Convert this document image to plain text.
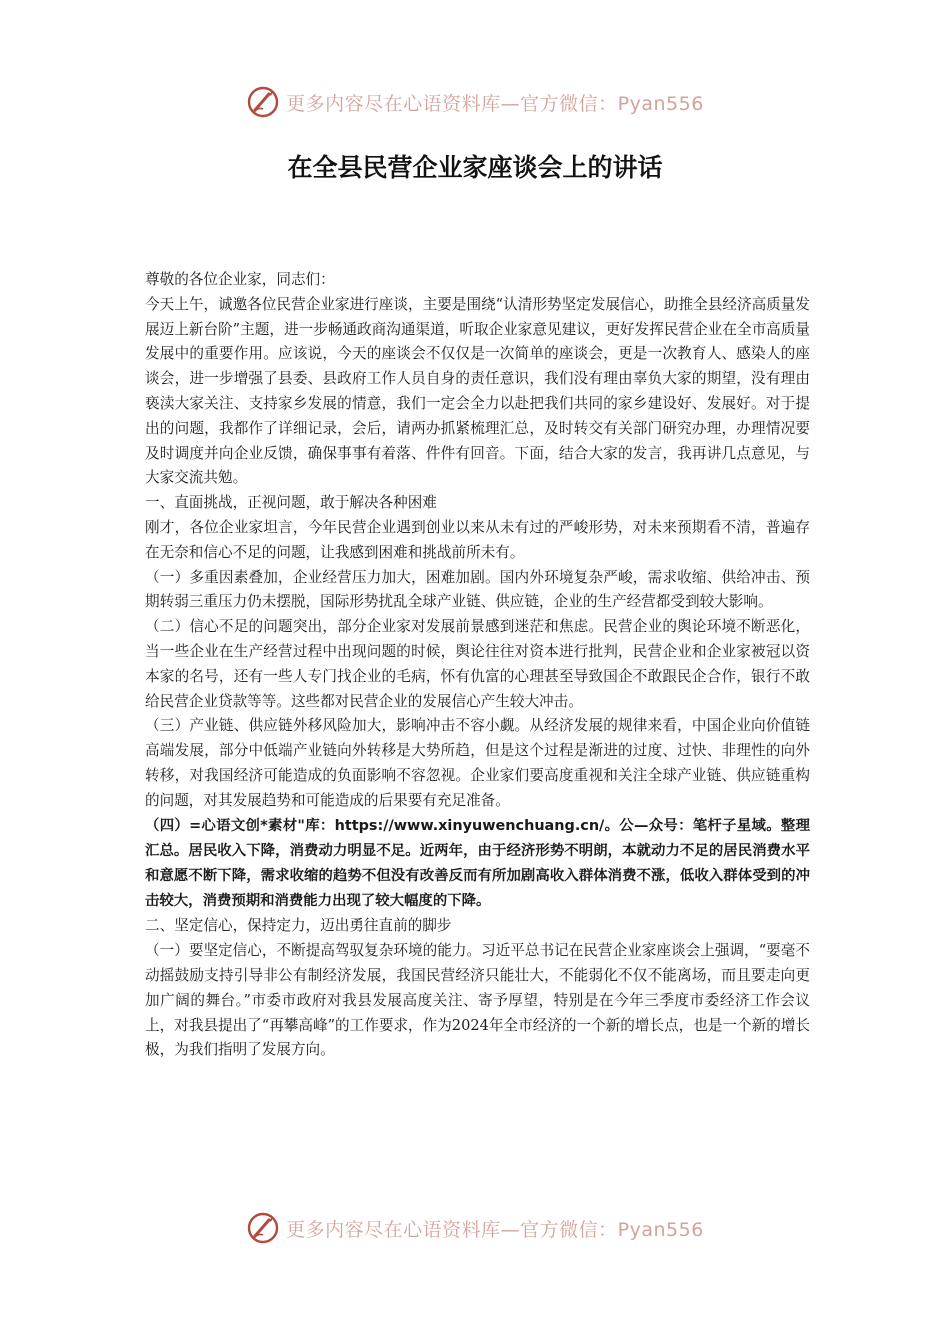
更多内容尽在心语资料库—官方微信：Pyan556
在全县民营企业家座谈会上的讲话

尊敬的各位企业家，同志们：

今天上午，诚邀各位民营企业家进行座谈，主要是围绕“认清形势坚定发展信心，助推全县经济高质量发展迈上新台阶”主题，进一步畅通政商沟通渠道，听取企业家意见建议，更好发挥民营企业在全市高质量发展中的重要作用。应该说，今天的座谈会不仅仅是一次简单的座谈会，更是一次教育人、感染人的座谈会，进一步增强了县委、县政府工作人员自身的责任意识，我们没有理由辜负大家的期望，没有理由亵渎大家关注、支持家乡发展的情意，我们一定会全力以赴把我们共同的家乡建设好、发展好。对于提出的问题，我都作了详细记录，会后，请两办抓紧梳理汇总，及时转交有关部门研究办理，办理情况要及时调度并向企业反馈，确保事事有着落、件件有回音。下面，结合大家的发言，我再讲几点意见，与大家交流共勉。

一、直面挑战，正视问题，敢于解决各种困难

刚才，各位企业家坦言，今年民营企业遇到创业以来从未有过的严峻形势，对未来预期看不清，普遍存在无奈和信心不足的问题，让我感到困难和挑战前所未有。

（一）多重因素叠加，企业经营压力加大，困难加剧。国内外环境复杂严峻，需求收缩、供给冲击、预期转弱三重压力仍未摆脱，国际形势扰乱全球产业链、供应链，企业的生产经营都受到较大影响。

（二）信心不足的问题突出，部分企业家对发展前景感到迷茫和焦虑。民营企业的舆论环境不断恶化，当一些企业在生产经营过程中出现问题的时候，舆论往往对资本进行批判，民营企业和企业家被冠以资本家的名号，还有一些人专门找企业的毛病，怀有仇富的心理甚至导致国企不敢跟民企合作，银行不敢给民营企业贷款等等。这些都对民营企业的发展信心产生较大冲击。

（三）产业链、供应链外移风险加大，影响冲击不容小觑。从经济发展的规律来看，中国企业向价值链高端发展，部分中低端产业链向外转移是大势所趋，但是这个过程是渐进的过度、过快、非理性的向外转移，对我国经济可能造成的负面影响不容忽视。企业家们要高度重视和关注全球产业链、供应链重构的问题，对其发展趋势和可能造成的后果要有充足准备。

（四）=心语文创*素材"库：https://www.xinyuwenchuang.cn/。公—众号：笔杆子星域。整理汇总。居民收入下降，消费动力明显不足。近两年，由于经济形势不明朗，本就动力不足的居民消费水平和意愿不断下降，需求收缩的趋势不但没有改善反而有所加剧高收入群体消费不涨，低收入群体受到的冲击较大，消费预期和消费能力出现了较大幅度的下降。

二、坚定信心，保持定力，迈出勇往直前的脚步

（一）要坚定信心，不断提高驾驭复杂环境的能力。习近平总书记在民营企业家座谈会上强调，“要毫不动摇鼓励支持引导非公有制经济发展，我国民营经济只能壮大，不能弱化不仅不能离场，而且要走向更加广阔的舞台。”市委市政府对我县发展高度关注、寄予厚望，特别是在今年三季度市委经济工作会议上，对我县提出了“再攀高峰”的工作要求，作为2024年全市经济的一个新的增长点，也是一个新的增长极，为我们指明了发展方向。

更多内容尽在心语资料库—官方微信：Pyan556
